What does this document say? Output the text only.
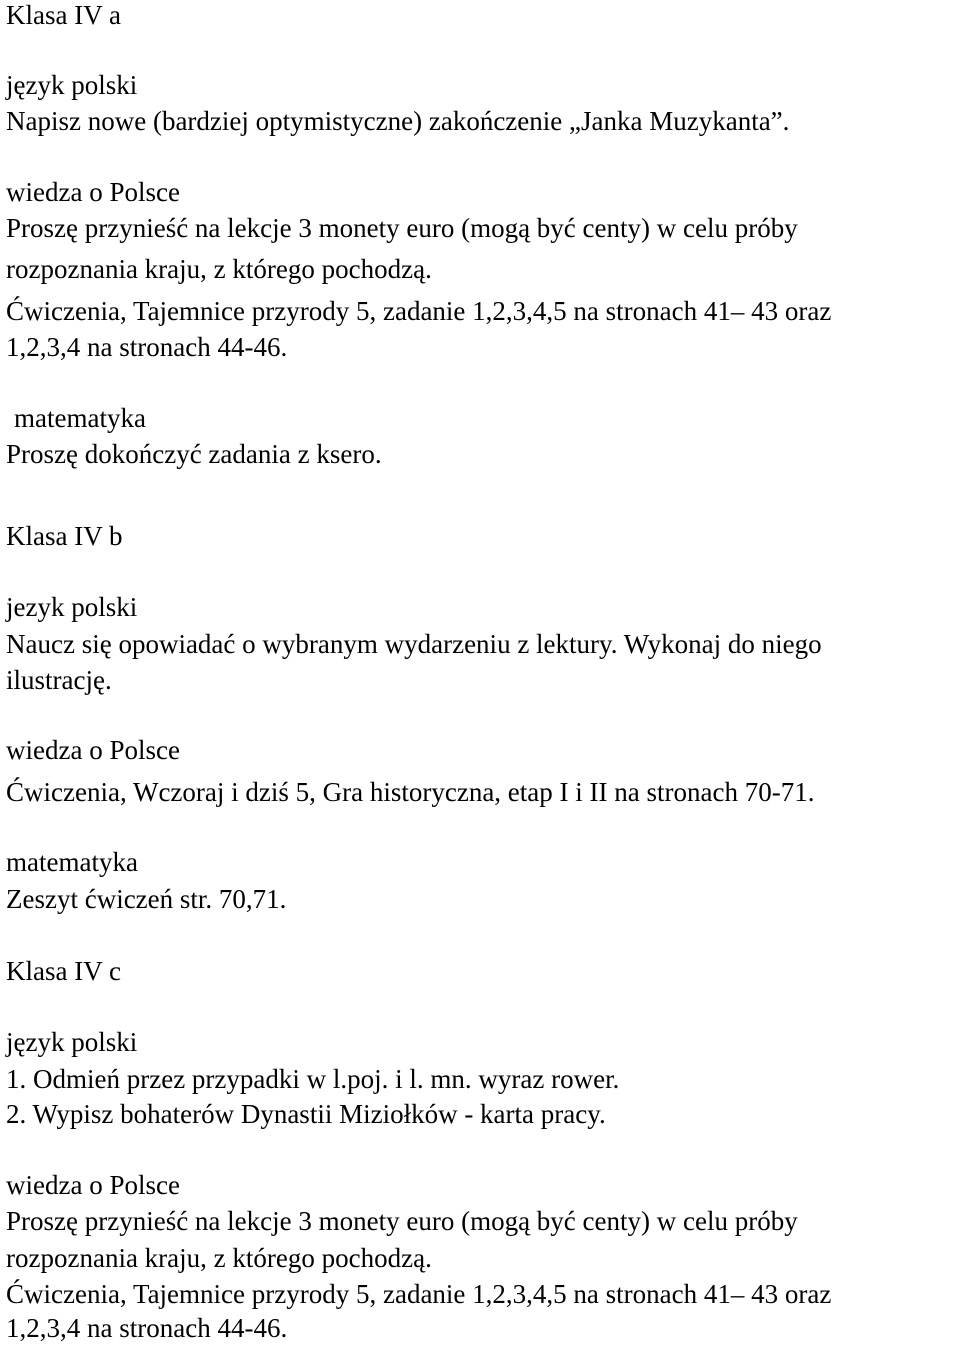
Klasa IV a
język polski

Napisz nowe (bardziej optymistyczne) zakończenie „Janka Muzykanta”.

wiedza o Polsce

Proszę przynieść na lekcje 3 monety euro (mogą być centy) w celu próby

rozpoznania kraju, z którego pochodzą.

Ćwiczenia, Tajemnice przyrody 5, zadanie 1,2,3,4,5 na stronach 41– 43 oraz

1,2,3,4 na stronach 44-46.

matematyka

Proszę dokończyć zadania z ksero.

Klasa IV b
jezyk polski

Naucz się opowiadać o wybranym wydarzeniu z lektury. Wykonaj do niego

ilustrację.

wiedza o Polsce

Ćwiczenia, Wczoraj i dziś 5, Gra historyczna, etap I i II na stronach 70-71.

matematyka

Zeszyt ćwiczeń str. 70,71.

Klasa IV c
język polski

1. Odmień przez przypadki w l.poj. i l. mn. wyraz rower.

2. Wypisz bohaterów Dynastii Miziołków - karta pracy.

wiedza o Polsce

Proszę przynieść na lekcje 3 monety euro (mogą być centy) w celu próby

rozpoznania kraju, z którego pochodzą.

Ćwiczenia, Tajemnice przyrody 5, zadanie 1,2,3,4,5 na stronach 41– 43 oraz

1,2,3,4 na stronach 44-46.
